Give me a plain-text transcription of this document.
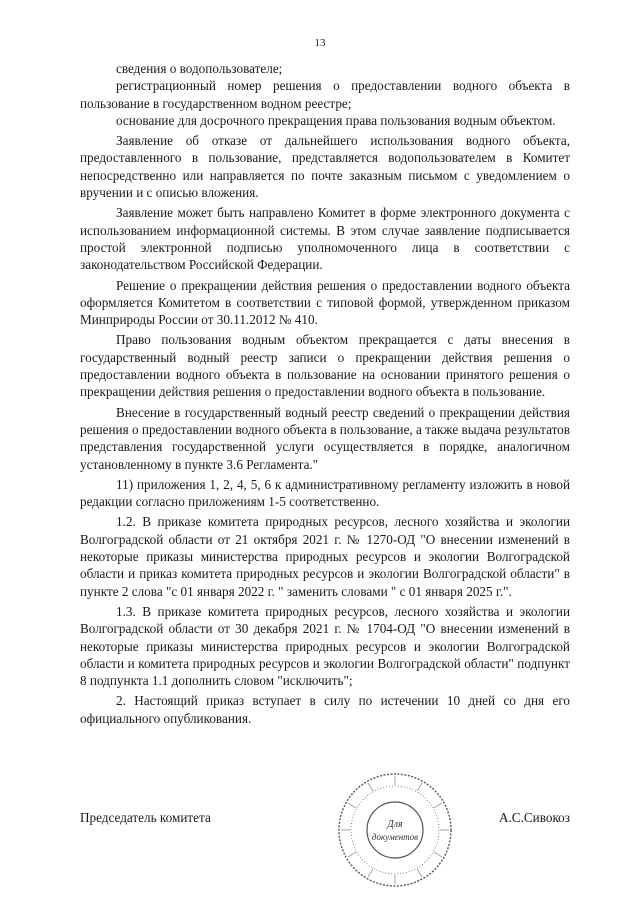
13

сведения о водопользователе;

регистрационный номер решения о предоставлении водного объекта в пользование в государственном водном реестре;

основание для досрочного прекращения права пользования водным объектом.

Заявление об отказе от дальнейшего использования водного объекта, предоставленного в пользование, представляется водопользователем в Комитет непосредственно или направляется по почте заказным письмом с уведомлением о вручении и с описью вложения.

Заявление может быть направлено Комитет в форме электронного документа с использованием информационной системы. В этом случае заявление подписывается простой электронной подписью уполномоченного лица в соответствии с законодательством Российской Федерации.

Решение о прекращении действия решения о предоставлении водного объекта оформляется Комитетом в соответствии с типовой формой, утвержденном приказом Минприроды России от 30.11.2012 № 410.

Право пользования водным объектом прекращается с даты внесения в государственный водный реестр записи о прекращении действия решения о предоставлении водного объекта в пользование на основании принятого решения о прекращении действия решения о предоставлении водного объекта в пользование.

Внесение в государственный водный реестр сведений о прекращении действия решения о предоставлении водного объекта в пользование, а также выдача результатов представления государственной услуги осуществляется в порядке, аналогичном установленному в пункте 3.6 Регламента."

11) приложения 1, 2, 4, 5, 6 к административному регламенту изложить в новой редакции согласно приложениям 1-5 соответственно.

1.2. В приказе комитета природных ресурсов, лесного хозяйства и экологии Волгоградской области от 21 октября 2021 г. № 1270-ОД "О внесении изменений в некоторые приказы министерства природных ресурсов и экологии Волгоградской области и приказ комитета природных ресурсов и экологии Волгоградской области" в пункте 2 слова "с 01 января 2022 г. " заменить словами " с 01 января 2025 г.".

1.3. В приказе комитета природных ресурсов, лесного хозяйства и экологии Волгоградской области от 30 декабря 2021 г. № 1704-ОД "О внесении изменений в некоторые приказы министерства природных ресурсов и экологии Волгоградской области и комитета природных ресурсов и экологии Волгоградской области" подпункт 8 подпункта 1.1 дополнить словом "исключить";

2. Настоящий приказ вступает в силу по истечении 10 дней со дня его официального опубликования.

Председатель комитета	А.С.Сивокоз
Для
документов
